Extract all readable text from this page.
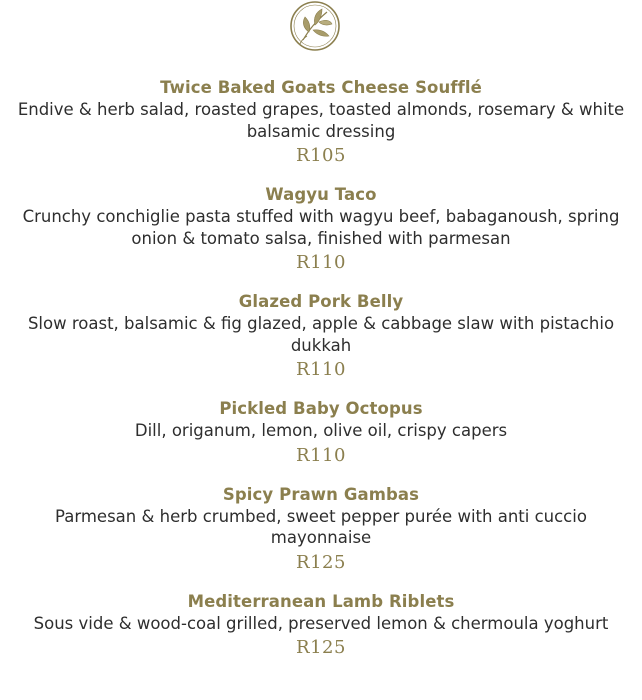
Twice Baked Goats Cheese Soufflé
Endive & herb salad, roasted grapes, toasted almonds, rosemary & white balsamic dressing
R105
Wagyu Taco
Crunchy conchiglie pasta stuffed with wagyu beef, babaganoush, spring onion & tomato salsa, finished with parmesan
R110
Glazed Pork Belly
Slow roast, balsamic & fig glazed, apple & cabbage slaw with pistachio dukkah
R110
Pickled Baby Octopus
Dill, origanum, lemon, olive oil, crispy capers
R110
Spicy Prawn Gambas
Parmesan & herb crumbed, sweet pepper purée with anti cuccio mayonnaise
R125
Mediterranean Lamb Riblets
Sous vide & wood-coal grilled, preserved lemon & chermoula yoghurt
R125
